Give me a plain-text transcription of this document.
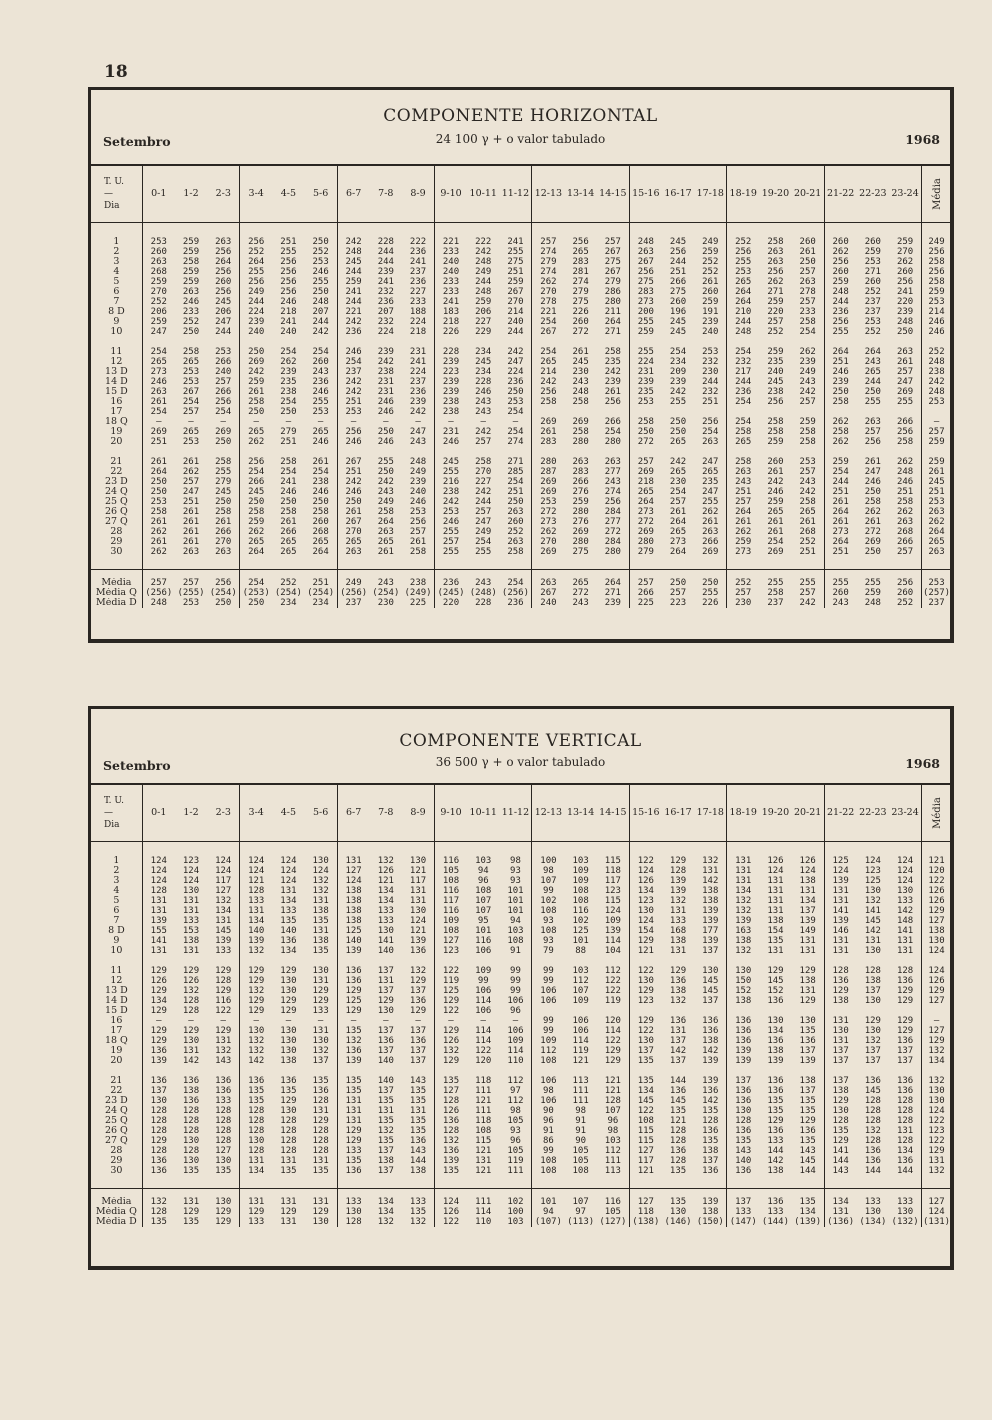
18
COMPONENTE HORIZONTAL
Setembro	24 100 γ + o valor tabulado	1968
T. U.
—
Dia	0-1	1-2	2-3	3-4	4-5	5-6	6-7	7-8	8-9	9-10	10-11	11-12	12-13	13-14	14-15	15-16	16-17	17-18	18-19	19-20	20-21	21-22	22-23	23-24	Média

1	253	259	263	256	251	250	242	228	222	221	222	241	257	256	257	248	245	249	252	258	260	260	260	259	249
2	260	259	256	252	255	252	248	244	236	233	242	255	274	265	267	263	256	259	256	263	261	262	259	270	256
3	263	258	264	264	256	253	245	244	241	240	248	275	279	283	275	267	244	252	255	263	250	256	253	262	258
4	268	259	256	255	256	246	244	239	237	240	249	251	274	281	267	256	251	252	253	256	257	260	271	260	256
5	259	259	260	256	256	255	259	241	236	233	244	259	262	274	279	275	266	261	265	262	263	259	260	256	258
6	270	263	256	249	256	250	241	232	227	233	248	267	270	279	286	283	275	260	264	271	278	248	252	241	259
7	252	246	245	244	246	248	244	236	233	241	259	270	278	275	280	273	260	259	264	259	257	244	237	220	253
8 D	206	233	206	224	218	207	221	207	188	183	206	214	221	226	211	200	196	191	210	220	233	236	237	239	214
9	259	252	247	239	241	244	242	232	224	218	227	240	254	260	264	255	245	239	244	257	258	256	253	248	246
10	247	250	244	240	240	242	236	224	218	226	229	244	267	272	271	259	245	240	248	252	254	255	252	250	246

11	254	258	253	250	254	254	246	239	231	228	234	242	254	261	258	255	254	253	254	259	262	264	264	263	252
12	265	265	266	269	262	260	254	242	241	239	245	247	265	245	235	224	234	232	232	235	239	251	243	261	248
13 D	273	253	240	242	239	243	237	238	224	223	234	224	214	230	242	231	209	230	217	240	249	246	265	257	238
14 D	246	253	257	259	235	236	242	231	237	239	228	236	242	243	239	239	239	244	244	245	243	239	244	247	242
15 D	263	267	266	261	238	246	242	231	236	239	246	250	256	248	261	235	242	232	236	238	242	250	250	269	248
16	261	254	256	258	254	255	251	246	239	238	243	253	258	258	256	253	255	251	254	256	257	258	255	255	253
17	254	257	254	250	250	253	253	246	242	238	243	254													
18 Q	—	—	—	—	—	—	—	—	—	—	—	—	269	269	266	258	250	256	254	258	259	262	263	266	—
19	269	265	269	265	279	265	256	250	247	231	242	254	261	258	254	250	250	254	258	258	258	258	257	256	257
20	251	253	250	262	251	246	246	246	243	246	257	274	283	280	280	272	265	263	265	259	258	262	256	258	259

21	261	261	258	256	258	261	267	255	248	245	258	271	280	263	263	257	242	247	258	260	253	259	261	262	259
22	264	262	255	254	254	254	251	250	249	255	270	285	287	283	277	269	265	265	263	261	257	254	247	248	261
23 D	250	257	279	266	241	238	242	242	239	216	227	254	269	266	243	218	230	235	243	242	243	244	246	246	245
24 Q	250	247	245	245	246	246	246	243	240	238	242	251	269	276	274	265	254	247	251	246	242	251	250	251	251
25 Q	253	251	250	250	250	250	250	249	246	242	244	250	253	259	256	264	257	255	257	259	258	261	258	258	253
26 Q	258	261	258	258	258	258	261	258	253	253	257	263	272	280	284	273	261	262	264	265	265	264	262	262	263
27 Q	261	261	261	259	261	260	267	264	256	246	247	260	273	276	277	272	264	261	261	261	261	261	261	263	262
28	262	261	266	262	266	268	270	263	257	255	249	252	262	269	272	269	265	263	262	261	268	273	272	268	264
29	261	261	270	265	265	265	265	265	261	257	254	263	270	280	284	280	273	266	259	254	252	264	269	266	265
30	262	263	263	264	265	264	263	261	258	255	255	258	269	275	280	279	264	269	273	269	251	251	250	257	263

Média	257	257	256	254	252	251	249	243	238	236	243	254	263	265	264	257	250	250	252	255	255	255	255	256	253
Média Q	(256)	(255)	(254)	(253)	(254)	(254)	(256)	(254)	(249)	(245)	(248)	(256)	267	272	271	266	257	255	257	258	257	260	259	260	(257)
Média D	248	253	250	250	234	234	237	230	225	220	228	236	240	243	239	225	223	226	230	237	242	243	248	252	237
COMPONENTE VERTICAL
Setembro	36 500 γ + o valor tabulado	1968
T. U.
—
Dia	0-1	1-2	2-3	3-4	4-5	5-6	6-7	7-8	8-9	9-10	10-11	11-12	12-13	13-14	14-15	15-16	16-17	17-18	18-19	19-20	20-21	21-22	22-23	23-24	Média

1	124	123	124	124	124	130	131	132	130	116	103	98	100	103	115	122	129	132	131	126	126	125	124	124	121
2	124	124	124	124	124	124	127	126	121	105	94	93	98	109	118	124	128	131	131	124	124	124	123	124	120
3	124	124	117	121	124	132	124	121	117	108	96	93	107	109	117	126	139	142	131	131	138	139	125	124	122
4	128	130	127	128	131	132	138	134	131	116	108	101	99	108	123	134	139	138	134	131	131	131	130	130	126
5	131	131	132	133	134	131	138	134	131	117	107	101	102	108	115	123	132	138	132	131	134	131	132	133	126
6	131	131	134	131	133	138	138	133	130	116	107	101	108	116	124	130	131	139	132	131	137	141	141	142	129
7	139	133	131	134	135	135	138	133	124	109	95	94	93	102	109	124	133	139	139	138	139	139	145	148	127
8 D	155	153	145	140	140	131	125	130	121	108	101	103	108	125	139	154	168	177	163	154	149	146	142	141	138
9	141	138	139	139	136	138	140	141	139	127	116	108	93	101	114	129	138	139	138	135	131	131	131	131	130
10	131	131	133	132	134	135	139	140	136	123	106	91	79	88	104	121	131	137	132	131	131	131	130	131	124

11	129	129	129	129	129	130	136	137	132	122	109	99	99	103	112	122	129	130	130	129	129	128	128	128	124
12	126	126	128	129	130	131	136	131	129	119	99	99	99	112	122	130	136	145	150	145	138	136	138	136	126
13 D	129	132	129	132	130	129	129	137	137	125	106	99	106	107	122	129	138	145	152	152	131	129	137	129	129
14 D	134	128	116	129	129	129	125	129	136	129	114	106	106	109	119	123	132	137	138	136	129	138	130	129	127
15 D	129	128	122	129	129	133	129	130	129	122	106	96													
16	—	—	—	—	—	—	—	—	—	—	—	—	99	106	120	129	136	136	136	130	130	131	129	129	—
17	129	129	129	130	130	131	135	137	137	129	114	106	99	106	114	122	131	136	136	134	135	130	130	129	127
18 Q	129	130	131	132	130	130	132	136	136	126	114	109	109	114	122	130	137	138	136	136	136	131	132	136	129
19	136	131	132	132	130	132	136	137	137	132	122	114	112	119	129	137	142	142	139	138	137	137	137	137	132
20	139	142	143	142	138	137	139	140	137	129	120	110	108	121	129	135	137	139	139	139	139	137	137	137	134

21	136	136	136	136	136	135	135	140	143	135	118	112	106	113	121	135	144	139	137	136	138	137	136	136	132
22	137	138	136	135	135	136	135	137	135	127	111	97	98	111	121	134	136	136	136	136	137	138	145	136	130
23 D	130	136	133	135	129	128	131	135	135	128	121	112	106	111	128	145	145	142	136	135	135	129	128	128	130
24 Q	128	128	128	128	130	131	131	131	131	126	111	98	90	98	107	122	135	135	130	135	135	130	128	128	124
25 Q	128	128	128	128	128	129	131	135	135	136	118	105	96	91	96	108	121	128	128	129	129	128	128	128	122
26 Q	128	128	128	128	128	128	129	132	135	128	108	93	91	91	98	115	128	136	136	136	136	135	132	131	123
27 Q	129	130	128	130	128	128	129	135	136	132	115	96	86	90	103	115	128	135	135	133	135	129	128	128	122
28	128	128	127	128	128	128	133	137	143	136	121	105	99	105	112	127	136	138	143	144	143	141	136	134	129
29	136	130	130	131	131	131	135	138	144	139	131	119	108	105	111	117	128	137	140	142	145	144	136	136	131
30	136	135	135	134	135	135	136	137	138	135	121	111	108	108	113	121	135	136	136	138	144	143	144	144	132

Média	132	131	130	131	131	131	133	134	133	124	111	102	101	107	116	127	135	139	137	136	135	134	133	133	127
Média Q	128	129	129	129	129	129	130	134	135	126	114	100	94	97	105	118	130	138	133	133	134	131	130	130	124
Média D	135	135	129	133	131	130	128	132	132	122	110	103	(107)	(113)	(127)	(138)	(146)	(150)	(147)	(144)	(139)	(136)	(134)	(132)	(131)
